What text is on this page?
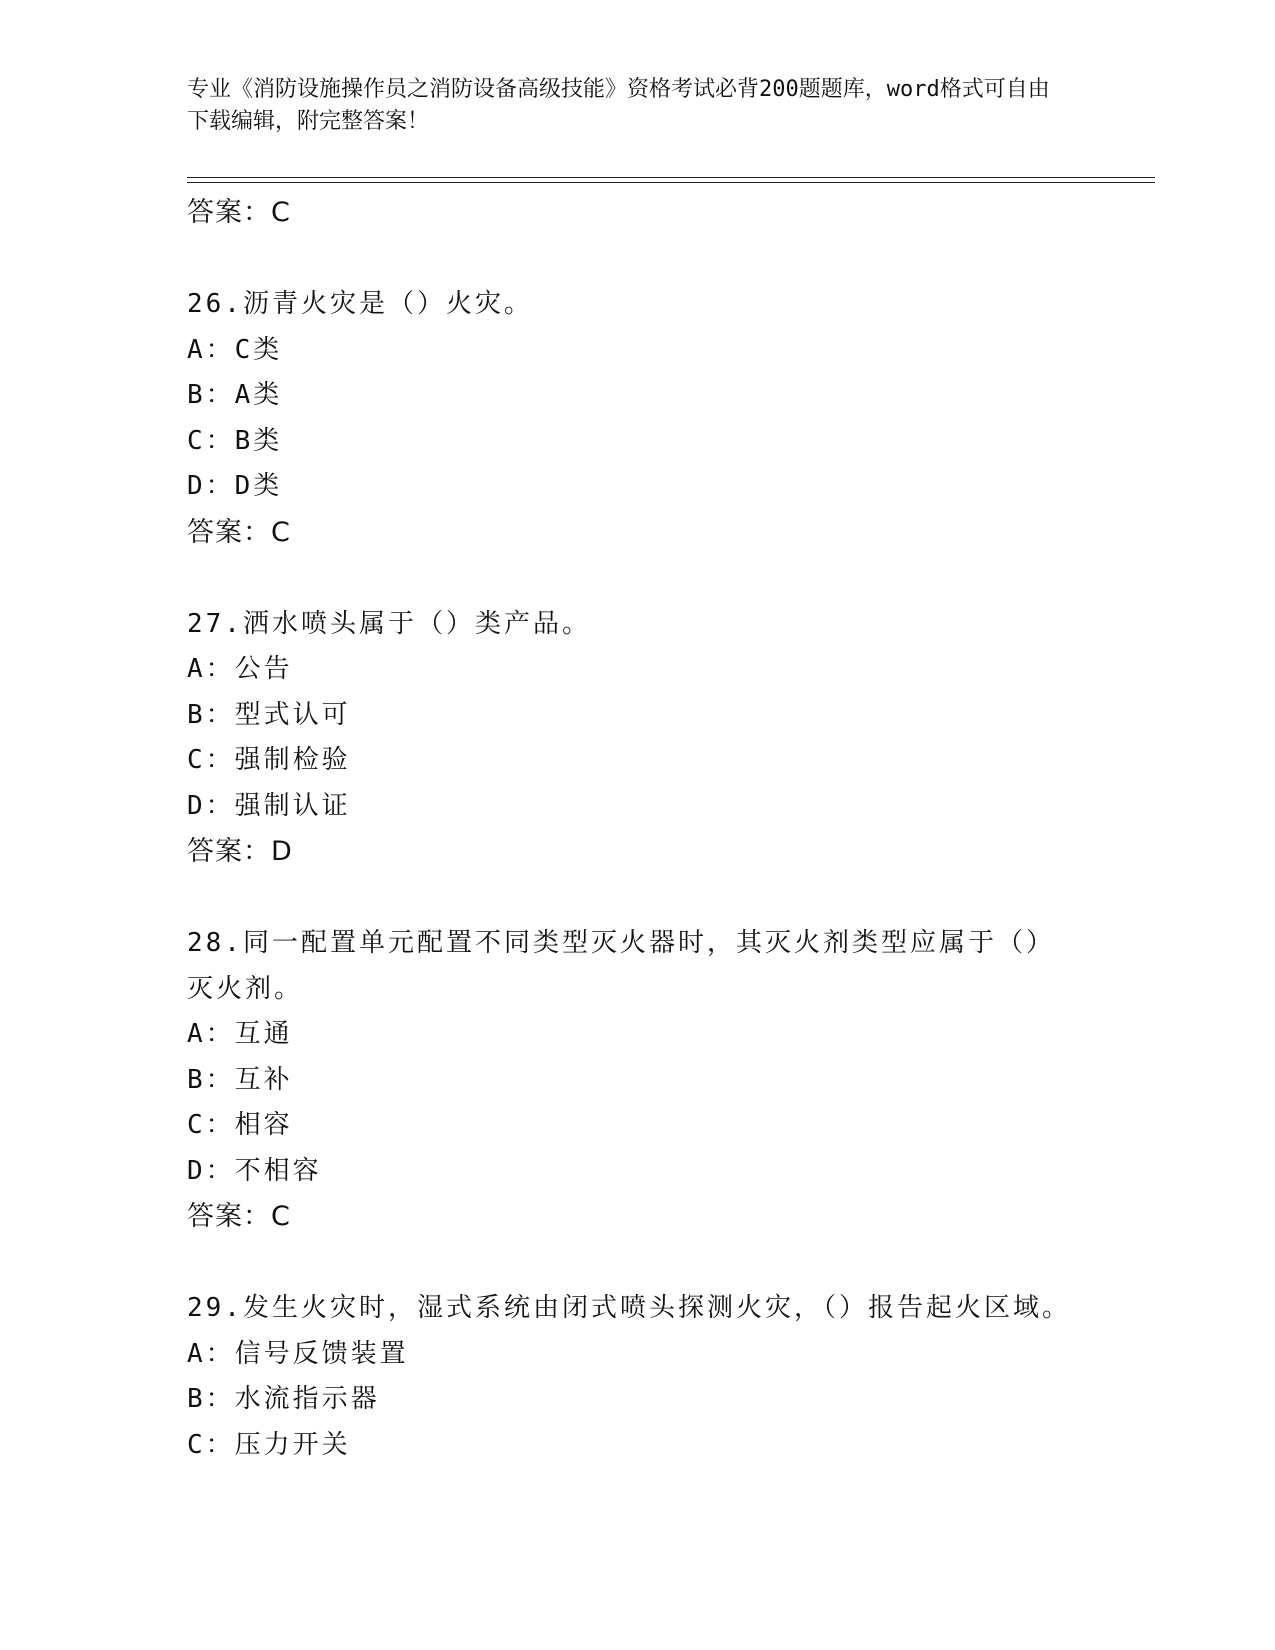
专业《消防设施操作员之消防设备高级技能》资格考试必背200题题库，word格式可自由下载编辑，附完整答案！
答案：C
26.沥青火灾是（）火灾。
A：C类
B：A类
C：B类
D：D类
答案：C
27.洒水喷头属于（）类产品。
A：公告
B：型式认可
C：强制检验
D：强制认证
答案：D
28.同一配置单元配置不同类型灭火器时，其灭火剂类型应属于（）灭火剂。
A：互通
B：互补
C：相容
D：不相容
答案：C
29.发生火灾时，湿式系统由闭式喷头探测火灾，（）报告起火区域。
A：信号反馈装置
B：水流指示器
C：压力开关
